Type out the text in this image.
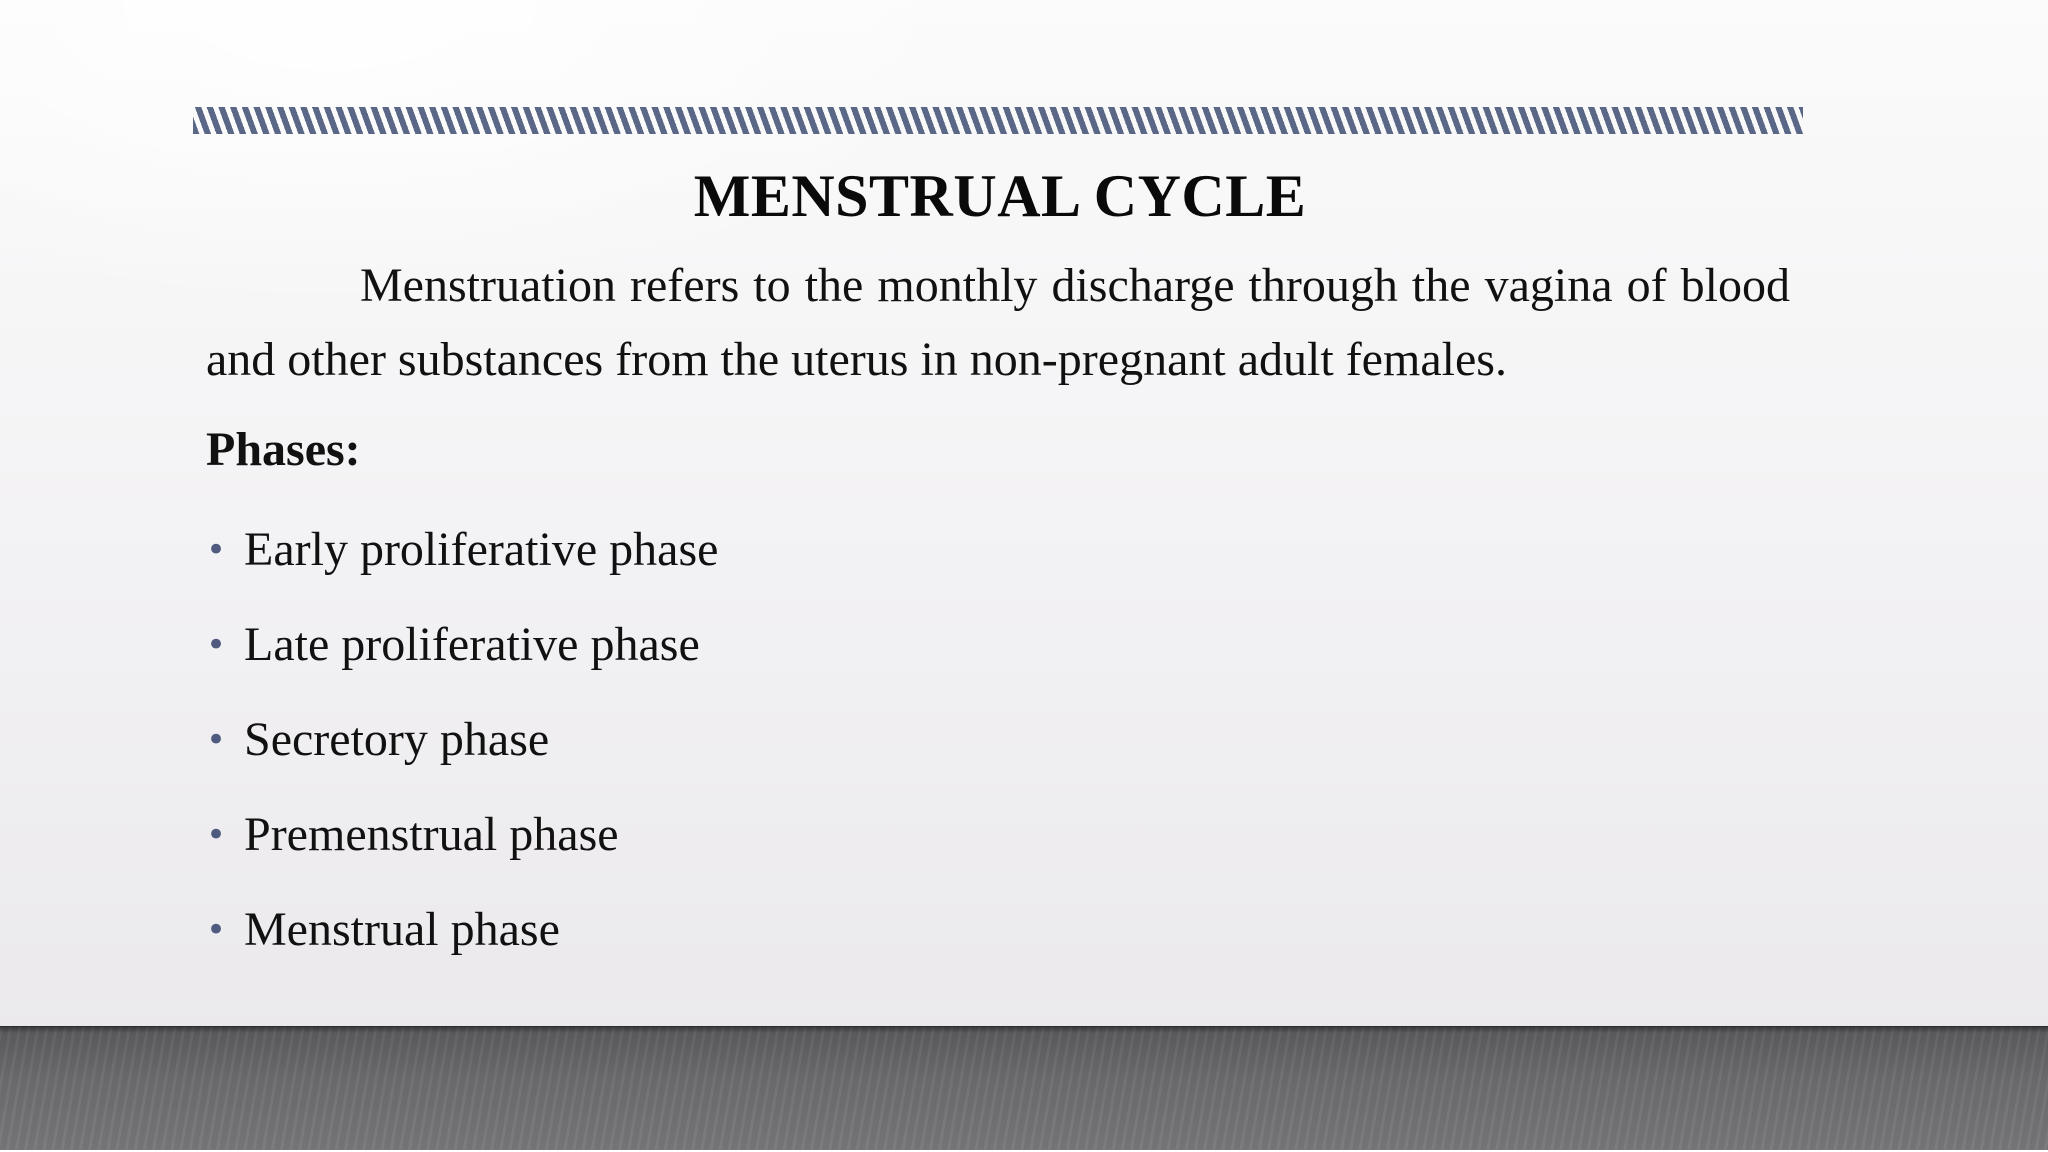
MENSTRUAL CYCLE

Menstruation refers to the monthly discharge through the vagina of blood and other substances from the uterus in non-pregnant adult females.

Phases:

• Early proliferative phase
• Late proliferative phase
• Secretory phase
• Premenstrual phase
• Menstrual phase
